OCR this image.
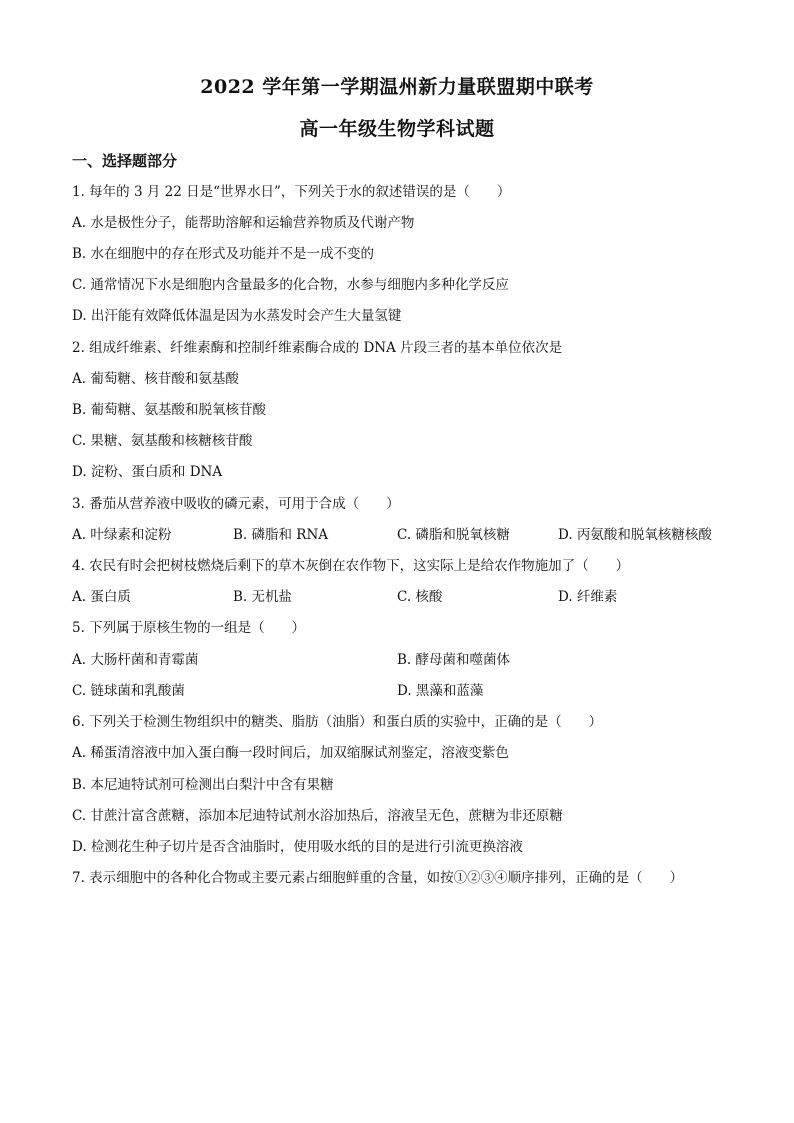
2022 学年第一学期温州新力量联盟期中联考
高一年级生物学科试题
一、选择题部分
1. 每年的 3 月 22 日是“世界水日”，下列关于水的叙述错误的是（　　）
A. 水是极性分子，能帮助溶解和运输营养物质及代谢产物
B. 水在细胞中的存在形式及功能并不是一成不变的
C. 通常情况下水是细胞内含量最多的化合物，水参与细胞内多种化学反应
D. 出汗能有效降低体温是因为水蒸发时会产生大量氢键
2. 组成纤维素、纤维素酶和控制纤维素酶合成的 DNA 片段三者的基本单位依次是
A. 葡萄糖、核苷酸和氨基酸
B. 葡萄糖、氨基酸和脱氧核苷酸
C. 果糖、氨基酸和核糖核苷酸
D. 淀粉、蛋白质和 DNA
3. 番茄从营养液中吸收的磷元素，可用于合成（　　）
A. 叶绿素和淀粉	B. 磷脂和 RNA	C. 磷脂和脱氧核糖	D. 丙氨酸和脱氧核糖核酸
4. 农民有时会把树枝燃烧后剩下的草木灰倒在农作物下，这实际上是给农作物施加了（　　）
A. 蛋白质	B. 无机盐	C. 核酸	D. 纤维素
5. 下列属于原核生物的一组是（　　）
A. 大肠杆菌和青霉菌	B. 酵母菌和噬菌体
C. 链球菌和乳酸菌	D. 黑藻和蓝藻
6. 下列关于检测生物组织中的糖类、脂肪（油脂）和蛋白质的实验中，正确的是（　　）
A. 稀蛋清溶液中加入蛋白酶一段时间后，加双缩脲试剂鉴定，溶液变紫色
B. 本尼迪特试剂可检测出白梨汁中含有果糖
C. 甘蔗汁富含蔗糖，添加本尼迪特试剂水浴加热后，溶液呈无色，蔗糖为非还原糖
D. 检测花生种子切片是否含油脂时，使用吸水纸的目的是进行引流更换溶液
7. 表示细胞中的各种化合物或主要元素占细胞鲜重的含量，如按①②③④顺序排列，正确的是（　　）
